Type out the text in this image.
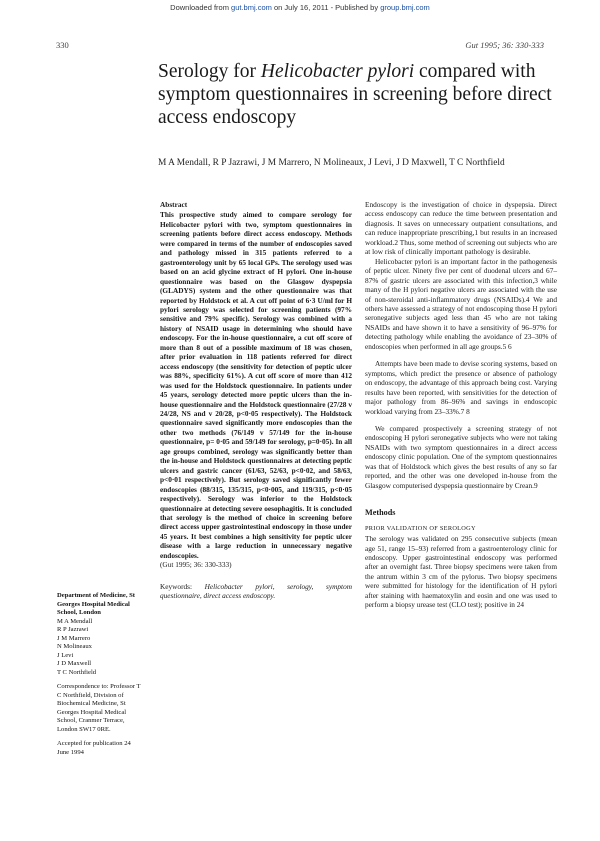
Downloaded from gut.bmj.com on July 16, 2011 - Published by group.bmj.com
330	Gut 1995; 36: 330-333
Serology for Helicobacter pylori compared with symptom questionnaires in screening before direct access endoscopy
M A Mendall, R P Jazrawi, J M Marrero, N Molineaux, J Levi, J D Maxwell, T C Northfield
Department of Medicine, St Georges Hospital Medical School, London
M A Mendall
R P Jazrawi
J M Marrero
N Molineaux
J Levi
J D Maxwell
T C Northfield
Correspondence to: Professor T C Northfield, Division of Biochemical Medicine, St Georges Hospital Medical School, Cranmer Terrace, London SW17 0RE.
Accepted for publication 24 June 1994
Abstract

This prospective study aimed to compare serology for Helicobacter pylori with two, symptom questionnaires in screening patients before direct access endoscopy. Methods were compared in terms of the number of endoscopies saved and pathology missed in 315 patients referred to a gastroenterology unit by 65 local GPs. The serology used was based on an acid glycine extract of H pylori. One in-house questionnaire was based on the Glasgow dyspepsia (GLADYS) system and the other questionnaire was that reported by Holdstock et al. A cut off point of 6·3 U/ml for H pylori serology was selected for screening patients (97% sensitive and 79% specific). Serology was combined with a history of NSAID usage in determining who should have endoscopy. For the in-house questionnaire, a cut off score of more than 8 out of a possible maximum of 18 was chosen, after prior evaluation in 118 patients referred for direct access endoscopy (the sensitivity for detection of peptic ulcer was 88%, specificity 61%). A cut off score of more than 412 was used for the Holdstock questionnaire. In patients under 45 years, serology detected more peptic ulcers than the in-house questionnaire and the Holdstock questionnaire (27/28 v 24/28, NS and v 20/28, p<0·05 respectively). The Holdstock questionnaire saved significantly more endoscopies than the other two methods (76/149 v 57/149 for the in-house questionnaire, p= 0·05 and 59/149 for serology, p=0·05). In all age groups combined, serology was significantly better than the in-house and Holdstock questionnaires at detecting peptic ulcers and gastric cancer (61/63, 52/63, p<0·02, and 58/63, p<0·01 respectively). But serology saved significantly fewer endoscopies (88/315, 135/315, p<0·005, and 119/315, p<0·05 respectively). Serology was inferior to the Holdstock questionnaire at detecting severe oesophagitis. It is concluded that serology is the method of choice in screening before direct access upper gastrointestinal endoscopy in those under 45 years. It best combines a high sensitivity for peptic ulcer disease with a large reduction in unnecessary negative endoscopies.

(Gut 1995; 36: 330-333)

Keywords: Helicobacter pylori, serology, symptom questionnaire, direct access endoscopy.

Endoscopy is the investigation of choice in dyspepsia. Direct access endoscopy can reduce the time between presentation and diagnosis. It saves on unnecessary outpatient consultations, and can reduce inappropriate prescribing,1 but results in an increased workload.2 Thus, some method of screening out subjects who are at low risk of clinically important pathology is desirable.

Helicobacter pylori is an important factor in the pathogenesis of peptic ulcer. Ninety five per cent of duodenal ulcers and 67–87% of gastric ulcers are associated with this infection,3 while many of the H pylori negative ulcers are associated with the use of non-steroidal anti-inflammatory drugs (NSAIDs).4 We and others have assessed a strategy of not endoscoping those H pylori seronegative subjects aged less than 45 who are not taking NSAIDs and have shown it to have a sensitivity of 96–97% for detecting pathology while enabling the avoidance of 23–30% of endoscopies when performed in all age groups.5 6

Attempts have been made to devise scoring systems, based on symptoms, which predict the presence or absence of pathology on endoscopy, the advantage of this approach being cost. Varying results have been reported, with sensitivities for the detection of major pathology from 86–96% and savings in endoscopic workload varying from 23–33%.7 8

We compared prospectively a screening strategy of not endoscoping H pylori seronegative subjects who were not taking NSAIDs with two symptom questionnaires in a direct access endoscopy clinic population. One of the symptom questionnaires was that of Holdstock which gives the best results of any so far reported, and the other was one developed in-house from the Glasgow computerised dyspepsia questionnaire by Crean.9

Methods
PRIOR VALIDATION OF SEROLOGY

The serology was validated on 295 consecutive subjects (mean age 51, range 15–93) referred from a gastroenterology clinic for endoscopy. Upper gastrointestinal endoscopy was performed after an overnight fast. Three biopsy specimens were taken from the antrum within 3 cm of the pylorus. Two biopsy specimens were submitted for histology for the identification of H pylori after staining with haematoxylin and eosin and one was used to perform a biopsy urease test (CLO test); positive in 24
